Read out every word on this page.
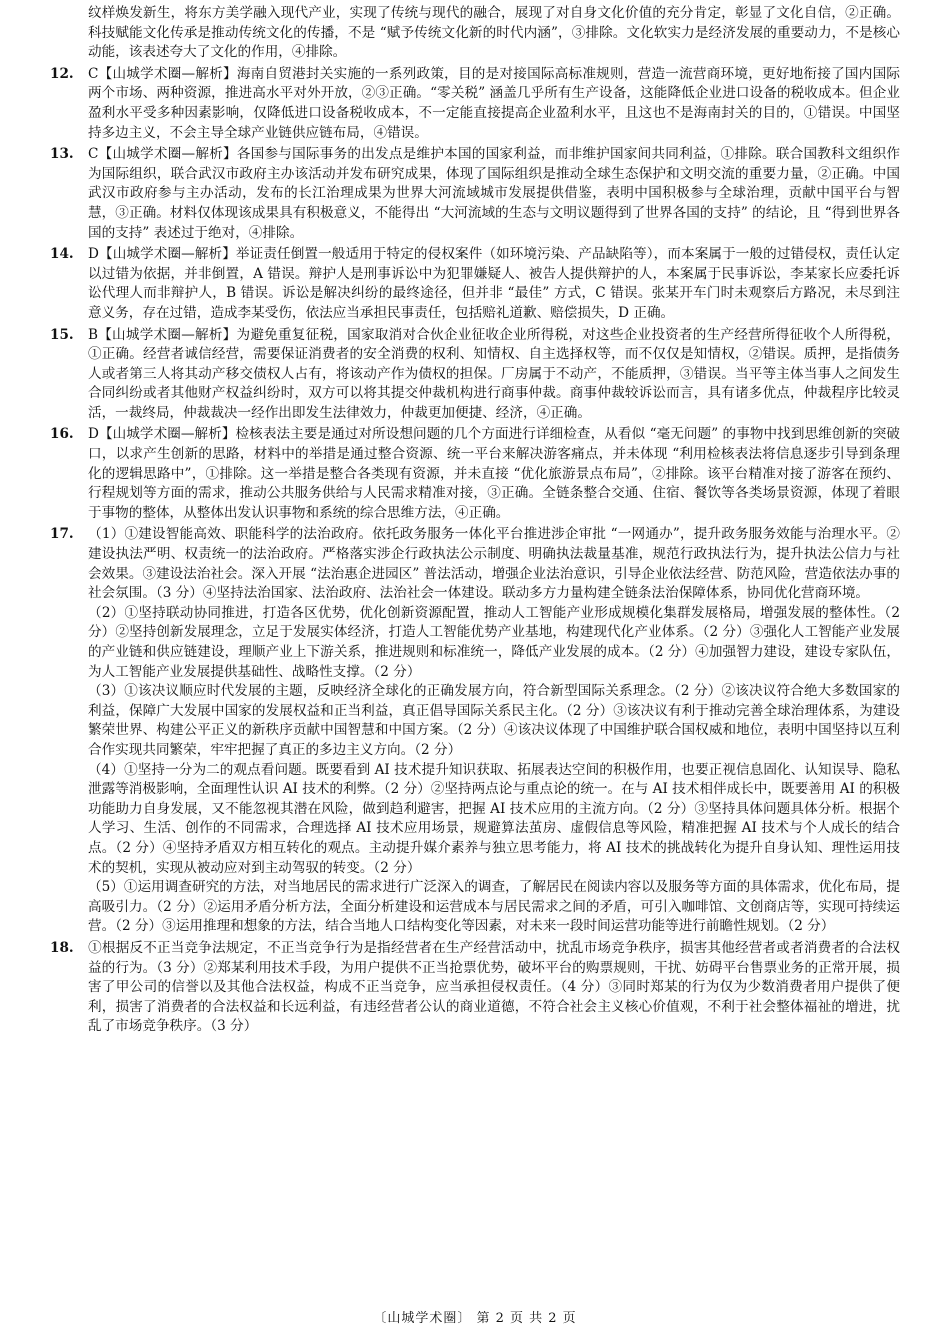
纹样焕发新生，将东方美学融入现代产业，实现了传统与现代的融合，展现了对自身文化价值的充分肯定，彰显了文化自信，②正确。科技赋能文化传承是推动传统文化的传播，不是 “赋予传统文化新的时代内涵”，③排除。文化软实力是经济发展的重要动力，不是核心动能，该表述夸大了文化的作用，④排除。

12. C【山城学术圈—解析】海南自贸港封关实施的一系列政策，目的是对接国际高标准规则，营造一流营商环境，更好地衔接了国内国际两个市场、两种资源，推进高水平对外开放，②③正确。“零关税” 涵盖几乎所有生产设备，这能降低企业进口设备的税收成本。但企业盈利水平受多种因素影响，仅降低进口设备税收成本，不一定能直接提高企业盈利水平，且这也不是海南封关的目的，①错误。中国坚持多边主义，不会主导全球产业链供应链布局，④错误。
13. C【山城学术圈—解析】各国参与国际事务的出发点是维护本国的国家利益，而非维护国家间共同利益，①排除。联合国教科文组织作为国际组织，联合武汉市政府主办该活动并发布研究成果，体现了国际组织是推动全球生态保护和文明交流的重要力量，②正确。中国武汉市政府参与主办活动，发布的长江治理成果为世界大河流域城市发展提供借鉴，表明中国积极参与全球治理，贡献中国平台与智慧，③正确。材料仅体现该成果具有积极意义，不能得出 “大河流域的生态与文明议题得到了世界各国的支持” 的结论，且 “得到世界各国的支持” 表述过于绝对，④排除。
14. D【山城学术圈—解析】举证责任倒置一般适用于特定的侵权案件（如环境污染、产品缺陷等），而本案属于一般的过错侵权，责任认定以过错为依据，并非倒置，A 错误。辩护人是刑事诉讼中为犯罪嫌疑人、被告人提供辩护的人，本案属于民事诉讼，李某家长应委托诉讼代理人而非辩护人，B 错误。诉讼是解决纠纷的最终途径，但并非 “最佳” 方式，C 错误。张某开车门时未观察后方路况，未尽到注意义务，存在过错，造成李某受伤，依法应当承担民事责任，包括赔礼道歉、赔偿损失，D 正确。
15. B【山城学术圈—解析】为避免重复征税，国家取消对合伙企业征收企业所得税，对这些企业投资者的生产经营所得征收个人所得税，①正确。经营者诚信经营，需要保证消费者的安全消费的权利、知情权、自主选择权等，而不仅仅是知情权，②错误。质押，是指债务人或者第三人将其动产移交债权人占有，将该动产作为债权的担保。厂房属于不动产，不能质押，③错误。当平等主体当事人之间发生合同纠纷或者其他财产权益纠纷时，双方可以将其提交仲裁机构进行商事仲裁。商事仲裁较诉讼而言，具有诸多优点，仲裁程序比较灵活，一裁终局，仲裁裁决一经作出即发生法律效力，仲裁更加便捷、经济，④正确。
16. D【山城学术圈—解析】检核表法主要是通过对所设想问题的几个方面进行详细检查，从看似 “毫无问题” 的事物中找到思维创新的突破口，以求产生创新的思路，材料中的举措是通过整合资源、统一平台来解决游客痛点，并未体现 “利用检核表法将信息逐步引导到条理化的逻辑思路中”，①排除。这一举措是整合各类现有资源，并未直接 “优化旅游景点布局”，②排除。该平台精准对接了游客在预约、行程规划等方面的需求，推动公共服务供给与人民需求精准对接，③正确。全链条整合交通、住宿、餐饮等各类场景资源，体现了着眼于事物的整体，从整体出发认识事物和系统的综合思维方法，④正确。
17. （1）①建设智能高效、职能科学的法治政府。依托政务服务一体化平台推进涉企审批 “一网通办”，提升政务服务效能与治理水平。②建设执法严明、权责统一的法治政府。严格落实涉企行政执法公示制度、明确执法裁量基准，规范行政执法行为，提升执法公信力与社会效果。③建设法治社会。深入开展 “法治惠企进园区” 普法活动，增强企业法治意识，引导企业依法经营、防范风险，营造依法办事的社会氛围。（3 分）④坚持法治国家、法治政府、法治社会一体建设。联动多方力量构建全链条法治保障体系，协同优化营商环境。

（2）①坚持联动协同推进，打造各区优势，优化创新资源配置，推动人工智能产业形成规模化集群发展格局，增强发展的整体性。（2 分）②坚持创新发展理念，立足于发展实体经济，打造人工智能优势产业基地，构建现代化产业体系。（2 分）③强化人工智能产业发展的产业链和供应链建设，理顺产业上下游关系，推进规则和标准统一，降低产业发展的成本。（2 分）④加强智力建设，建设专家队伍，为人工智能产业发展提供基础性、战略性支撑。（2 分）

（3）①该决议顺应时代发展的主题，反映经济全球化的正确发展方向，符合新型国际关系理念。（2 分）②该决议符合绝大多数国家的利益，保障广大发展中国家的发展权益和正当利益，真正倡导国际关系民主化。（2 分）③该决议有利于推动完善全球治理体系，为建设繁荣世界、构建公平正义的新秩序贡献中国智慧和中国方案。（2 分）④该决议体现了中国维护联合国权威和地位，表明中国坚持以互利合作实现共同繁荣，牢牢把握了真正的多边主义方向。（2 分）

（4）①坚持一分为二的观点看问题。既要看到 AI 技术提升知识获取、拓展表达空间的积极作用，也要正视信息固化、认知误导、隐私泄露等消极影响，全面理性认识 AI 技术的利弊。（2 分）②坚持两点论与重点论的统一。在与 AI 技术相伴成长中，既要善用 AI 的积极功能助力自身发展，又不能忽视其潜在风险，做到趋利避害，把握 AI 技术应用的主流方向。（2 分）③坚持具体问题具体分析。根据个人学习、生活、创作的不同需求，合理选择 AI 技术应用场景，规避算法茧房、虚假信息等风险，精准把握 AI 技术与个人成长的结合点。（2 分）④坚持矛盾双方相互转化的观点。主动提升媒介素养与独立思考能力，将 AI 技术的挑战转化为提升自身认知、理性运用技术的契机，实现从被动应对到主动驾驭的转变。（2 分）

（5）①运用调查研究的方法，对当地居民的需求进行广泛深入的调查，了解居民在阅读内容以及服务等方面的具体需求，优化布局，提高吸引力。（2 分）②运用矛盾分析方法，全面分析建设和运营成本与居民需求之间的矛盾，可引入咖啡馆、文创商店等，实现可持续运营。（2 分）③运用推理和想象的方法，结合当地人口结构变化等因素，对未来一段时间运营功能等进行前瞻性规划。（2 分）

18. ①根据反不正当竞争法规定，不正当竞争行为是指经营者在生产经营活动中，扰乱市场竞争秩序，损害其他经营者或者消费者的合法权益的行为。（3 分）②郑某利用技术手段，为用户提供不正当抢票优势，破坏平台的购票规则，干扰、妨碍平台售票业务的正常开展，损害了甲公司的信誉以及其他合法权益，构成不正当竞争，应当承担侵权责任。（4 分）③同时郑某的行为仅为少数消费者用户提供了便利，损害了消费者的合法权益和长远利益，有违经营者公认的商业道德，不符合社会主义核心价值观，不利于社会整体福祉的增进，扰乱了市场竞争秩序。（3 分）
〔山城学术圈〕 第 2 页 共 2 页
